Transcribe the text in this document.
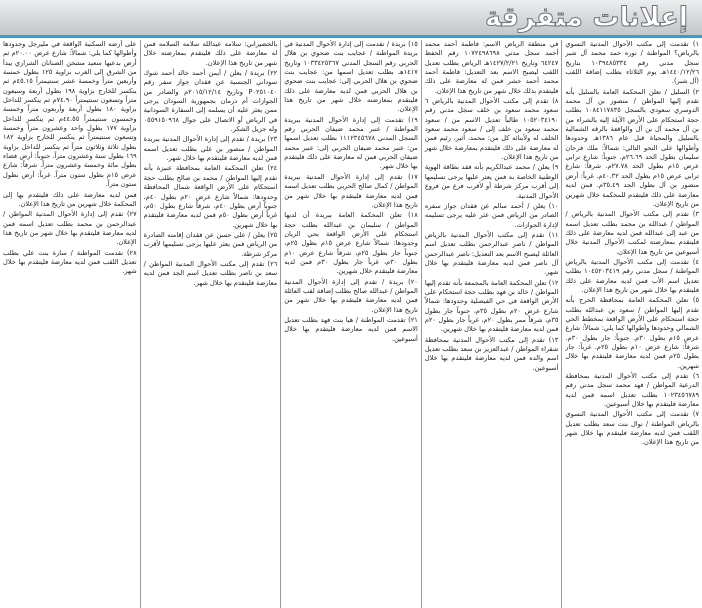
إعلانات متفرقة

١) تقدمت إلى مكتب الأحوال المدنية النسوي بالرياض؟ المواطنة / نوره حمد محمد آل شبر سجل مدني رقم ١٠٣٩٤٨٥٣٣٤ بتاريخ ١٤٤٠/١٢/٢٦هـ يوم الثلاثاء بطلب إضافة اللقب (آل شبر).

٢) السليل / تعلن المحكمة العامة بالسليل بأنه تقدم إليها المواطن / منصور بن آل محمد الدوسري سعودي بالسجل ١٠٨٤١١٧٨٣٥ بطلب حجة استحكام على الأرض الآيلة إليه بالشراء من بن آل محمد آل بن آل والواقعة بالرقه الشمالية بالسليل والمحياة قبل عام ١٣٨٦هـ وحدودها وأطوالها على النحو التالي: شمالاً: ملك فرحان سليمان بطول الحد ٢٦.٦٩م. جنوباً: شارع ترابي عرض ١٥م بطول الحد ٢٧.٧٨م. شرقاً: شارع ترابي عرض ١٥م بطول الحد ٤٠.٣٢م. غرباً: أرض منصور بن آل بطول الحد ٣٥.٤٩م. فمن لديه معارضة على ذلك فليتقدم للمحكمة خلال شهرين من تاريخ الإعلان.

٣) تقدم إلى مكتب الأحوال المدنية بالرياض / المواطن / عبدالله بن محمد بطلب تعديل اسمه من عبد إلى عبدالله فمن لديه معارضة على ذلك فليتقدم بمعارضته لمكتب الأحوال المدنية خلال أسبوعين من تاريخ هذا الإعلان.

٤) تقدمت إلى مكتب الأحوال المدنية بالرياض المواطنة / سجل مدني رقم ١٠٤٥٢٠٣٤١٩ بطلب تعديل اسم الأب فمن لديه معارضة على ذلك فليتقدم بها خلال شهر من تاريخ هذا الإعلان.

٥) تعلن المحكمة العامة بمحافظة الخرج بأنه تقدم إليها المواطن / سعود بن عبدالله بطلب حجة استحكام على الأرض الواقعة بمخطط الحي الشمالي وحدودها وأطوالها كما يلي: شمالاً: شارع عرض ١٥م بطول ٣٠م. جنوباً: جار بطول ٣٠م. شرقاً: شارع عرض ١٠م بطول ٢٥م. غرباً: جار بطول ٢٥م فمن لديه معارضة فليتقدم بها خلال شهرين.

٦) تقدم إلى مكتب الأحوال المدنية بمحافظة الدرعية المواطن / فهد محمد سجل مدني رقم ١٠٢٣٤٥٦٧٨٩ بطلب تعديل اسمه فمن لديه معارضة فليتقدم بها خلال أسبوعين.

٧) تقدمت إلى مكتب الأحوال المدنية النسوي بالرياض المواطنة / نوال بنت سعد بطلب تعديل اللقب فمن لديه معارضة فليتقدم بها خلال شهر من تاريخ هذا الإعلان.

في منطقة الرياض الاسم: فاطمة أحمد محمد أحمد سجل مدني ١٠٧٢٤٩٨٦٩٨ رقم الحفظ ٦٤٢٤٧ وتاريخ ١٤٢٧/٢/٢١هـ الرياض بطلب تعديل اللقب ليصبح الاسم بعد التعديل: فاطمة أحمد محمد أحمد حشر فمن له معارضة على ذلك فليتقدم بذلك خلال شهر من تاريخ هذا الإعلان.

٨) تقدم إلى مكتب الأحوال المدنية بالرياض ٦ سعود محمد سعود بن خلف سجل مدني رقم ١٠٥٢٠٣٤١٩٠ طالباً تعديل الاسم من / سعود محمد سعود بن خلف إلى / سعود محمد سعود الخلف له ولأبنائه كل من: محمد، أثير، رئيم فمن له معارضة على ذلك فليتقدم بمعارضة خلال شهر من تاريخ هذا الإعلان.

٩) يعلن / محمد عبدالكريم بأنه فقد بطاقة الهوية الوطنية الخاصة به فمن يعثر عليها يرجى تسليمها إلى أقرب مركز شرطة أو لأقرب فرع من فروع الأحوال المدنية.

١٠) يعلن / أحمد سالم عن فقدان جواز سفره الصادر من الرياض فمن عثر عليه يرجى تسليمه لإدارة الجوازات.

١١) تقدم إلى مكتب الأحوال المدنية بالرياض المواطن / ناصر عبدالرحمن بطلب تعديل اسم العائلة ليصبح الاسم بعد التعديل: ناصر عبدالرحمن آل ناصر فمن لديه معارضة فليتقدم بها خلال شهر.

١٢) تعلن المحكمة العامة بالمجمعة بأنه تقدم إليها المواطن / خالد بن فهد بطلب حجة استحكام على الأرض الواقعة في حي الفيصلية وحدودها: شمالاً شارع عرض ٢٠م بطول ٣٥م، جنوباً جار بطول ٣٥م، شرقاً ممر بطول ٢٠م، غرباً جار بطول ٢٠م فمن لديه معارضة فليتقدم بها خلال شهرين.

١٣) تقدم إلى مكتب الأحوال المدنية بمحافظة شقراء المواطن / عبدالعزيز بن سعد بطلب تعديل اسم والده فمن لديه معارضة فليتقدم بها خلال أسبوعين.

١٥) بريدة / تقدمت إلى إدارة الأحوال المدنية في بريدة المواطنة / عجايب بنت ضحوي بن هلال الحربي رقم السجل المدني ١٠٣٣٤٢٥٣٦٧ وتاريخ ١٤١٧هـ بطلب تعديل اسمها من: عجايب بنت ضحوي بن هلال الحربي إلى: عجايب بنت ضحوي بن هلال الحربي فمن لديه معارضة على ذلك فليتقدم بمعارضته خلال شهر من تاريخ هذا الإعلان.

١٩) تقدمت إلى إدارة الأحوال المدنية ببريدة المواطنة / عنبر محمد ضيفان الحربي رقم السجل المدني ١١١٢٣٤٥٦٧٨ بطلب تعديل اسمها من: عنبر محمد ضيفان الحربي إلى: عنبر محمد ضيفان الحربي فمن له معارضة على ذلك فليتقدم بها خلال شهر.

١٧) تقدم إلى إدارة الأحوال المدنية ببريدة المواطن / كمال صالح الحربي بطلب تعديل اسمه فمن لديه معارضة فليتقدم بها خلال شهر من تاريخ هذا الإعلان.

١٨) تعلن المحكمة العامة ببريدة أن لديها المواطن / سليمان بن عبدالله بطلب حجة استحكام على الأرض الواقعة بحي الريان وحدودها: شمالاً شارع عرض ١٥م بطول ٢٥م، جنوباً جار بطول ٢٥م، شرقاً شارع عرض ١٠م بطول ٣٠م، غرباً جار بطول ٣٠م فمن لديه معارضة فليتقدم خلال شهرين.

٢٠) بريدة / تقدم إلى إدارة الأحوال المدنية المواطن / عبدالله صالح بطلب إضافة لقب العائلة فمن لديه معارضة فليتقدم بها خلال شهر من تاريخ هذا الإعلان.

٢١) تقدمت المواطنة / هيا بنت فهد بطلب تعديل الاسم فمن لديه معارضة فليتقدم بها خلال أسبوعين.

بالخضيراني: سلامه عبدالله سلامه السلامه فمن له معارضة على ذلك فليتقدم بمعارضته خلال شهر من تاريخ هذا الإعلان.

٢٢) بريدة / يعلن / أيمن أحمد خالد أحمد شوك سوداني الجنسية عن فقدان جواز سفر رقم P٠٢٥١٠٤٠ وتاريخ ٢٠١٥/١٢/١٤م والصادر من الجوازات أم درمان بجمهورية السودان يرجى ممن يعثر عليه أن يسلمه إلى السفارة السودانية في الرياض أو الاتصال على جوال ٠٥٥٩١٥٠٩٦٨ وله جزيل الشكر.

٢٣) بريدة / تقدم إلى إدارة الأحوال المدنية ببريدة المواطن / منصور بن علي بطلب تعديل اسمه فمن لديه معارضة فليتقدم بها خلال شهر.

٢٤) تعلن المحكمة العامة بمحافظة عنيزة بأنه تقدم إليها المواطن / محمد بن صالح بطلب حجة استحكام على الأرض الواقعة شمال المحافظة وحدودها: شمالاً شارع عرض ٢٠م بطول ٤٠م، جنوباً أرض بطول ٤٠م، شرقاً شارع بطول ٥٠م، غرباً أرض بطول ٥٠م فمن لديه معارضة فليتقدم بها خلال شهرين.

٢٥) يعلن / علي حسن عن فقدان إقامته الصادرة من الرياض فمن يعثر عليها يرجى تسليمها لأقرب مركز شرطة.

٢٦) تقدم إلى مكتب الأحوال المدنية المواطن / سعد بن ناصر بطلب تعديل اسم الجد فمن لديه معارضة فليتقدم بها خلال شهر.

على أرضه السكنية الواقعة في مليرجل وحدودها وأطوالها كما يلي: شمالاً: شارع عرض ٢٠.٠٠م ثم أرض بدعيها سعيد مشحن الصنانان الشراري يبدأ من الشرق إلى الغرب بزاوية ١٢٥ بطول خمسة وأربعين متراً وخمسة عشر سنتيمتراً ٤٥.١٥م ثم ينكسر للخارج بزاوية ١٩٨ بطول أربعة وسبعون متراً وتسعون سنتيمتراً ٧٤.٩٠م ثم ينكسر للداخل بزاوية ١٨٠ بطول أربعة وأربعون متراً وخمسة وخمسون سنتيمتراً ٤٤.٥٥م ثم ينكسر للداخل بزاوية ١٧٧ بطول واحد وعشرون متراً وخمسة وتسعون سنتيمتراً ثم ينكسر للخارج بزاوية ١٨٢ بطول ثلاثة وثلاثون متراً ثم ينكسر للداخل بزاوية ١٦٩ بطول ستة وعشرون متراً. جنوباً: أرض فضاء بطول مائة وخمسة وعشرون متراً. شرقاً: شارع عرض ١٥م بطول ستون متراً. غرباً: أرض بطول ستون متراً.

فمن لديه معارضة على ذلك فليتقدم بها إلى المحكمة خلال شهرين من تاريخ هذا الإعلان.

٢٧) تقدم إلى إدارة الأحوال المدنية المواطن / عبدالرحمن بن محمد بطلب تعديل اسمه فمن لديه معارضة فليتقدم بها خلال شهر من تاريخ هذا الإعلان.

٢٨) تقدمت المواطنة / سارة بنت علي بطلب تعديل اللقب فمن لديه معارضة فليتقدم بها خلال شهر.
